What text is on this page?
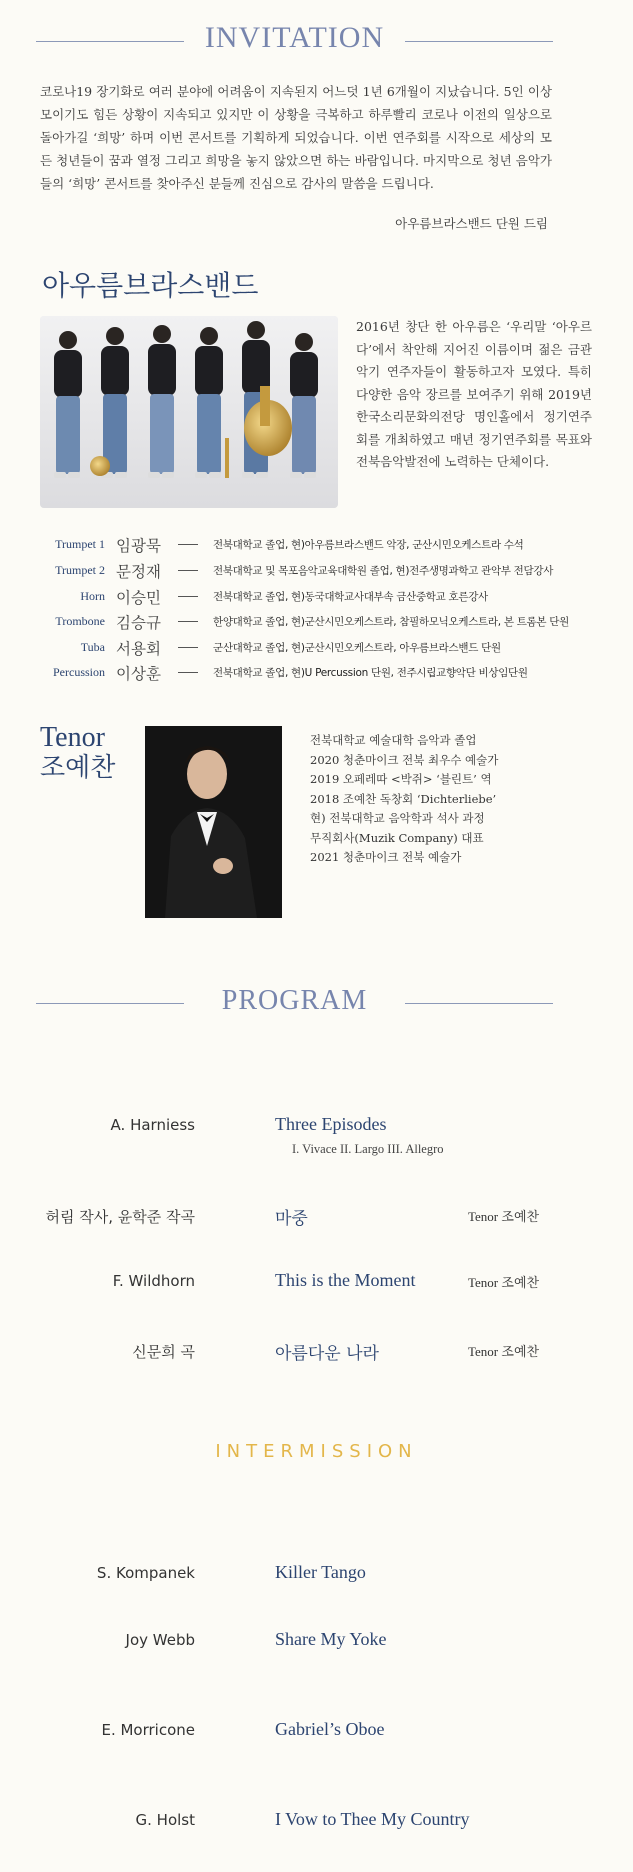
INVITATION
코로나19 장기화로 여러 분야에 어려움이 지속된지 어느덧 1년 6개월이 지났습니다. 5인 이상 모이기도 힘든 상황이 지속되고 있지만 이 상황을 극복하고 하루빨리 코로나 이전의 일상으로 돌아가길 ‘희망’ 하며 이번 콘서트를 기획하게 되었습니다. 이번 연주회를 시작으로 세상의 모든 청년들이 꿈과 열정 그리고 희망을 놓지 않았으면 하는 바람입니다. 마지막으로 청년 음악가들의 ‘희망’ 콘서트를 찾아주신 분들께 진심으로 감사의 말씀을 드립니다.
아우름브라스밴드 단원 드림
아우름브라스밴드
2016년 창단 한 아우름은 ‘우리말 ‘아우르다’에서 착안해 지어진 이름이며 젊은 금관악기 연주자들이 활동하고자 모였다. 특히 다양한 음악 장르를 보여주기 위해 2019년 한국소리문화의전당 명인홀에서 정기연주회를 개최하였고 매년 정기연주회를 목표와 전북음악발전에 노력하는 단체이다.
Trumpet 1 임광묵	전북대학교 졸업, 현)아우름브라스밴드 악장, 군산시민오케스트라 수석
Trumpet 2 문정재	전북대학교 및 목포음악교육대학원 졸업, 현)전주생명과학고 관악부 전담강사
Horn 이승민	전북대학교 졸업, 현)동국대학교사대부속 금산중학교 호른강사
Trombone 김승규	한양대학교 졸업, 현)군산시민오케스트라, 참필하모닉오케스트라, 본 트롬본 단원
Tuba 서용회	군산대학교 졸업, 현)군산시민오케스트라, 아우름브라스밴드 단원
Percussion 이상훈	전북대학교 졸업, 현)U Percussion 단원, 전주시립교향악단 비상임단원
Tenor
조예찬
전북대학교 예술대학 음악과 졸업
2020 청춘마이크 전북 최우수 예술가
2019 오페레따 <박쥐> ‘블린트’ 역
2018 조예찬 독창회 ‘Dichterliebe’
현) 전북대학교 음악학과 석사 과정
무직회사(Muzik Company) 대표
2021 청춘마이크 전북 예술가
PROGRAM
A. Harniess	Three Episodes
I. Vivace II. Largo III. Allegro
허림 작사, 윤학준 작곡	마중	Tenor 조예찬
F. Wildhorn	This is the Moment	Tenor 조예찬
신문희 곡	아름다운 나라	Tenor 조예찬
INTERMISSION
S. Kompanek	Killer Tango
Joy Webb	Share My Yoke
E. Morricone	Gabriel’s Oboe
G. Holst	I Vow to Thee My Country
